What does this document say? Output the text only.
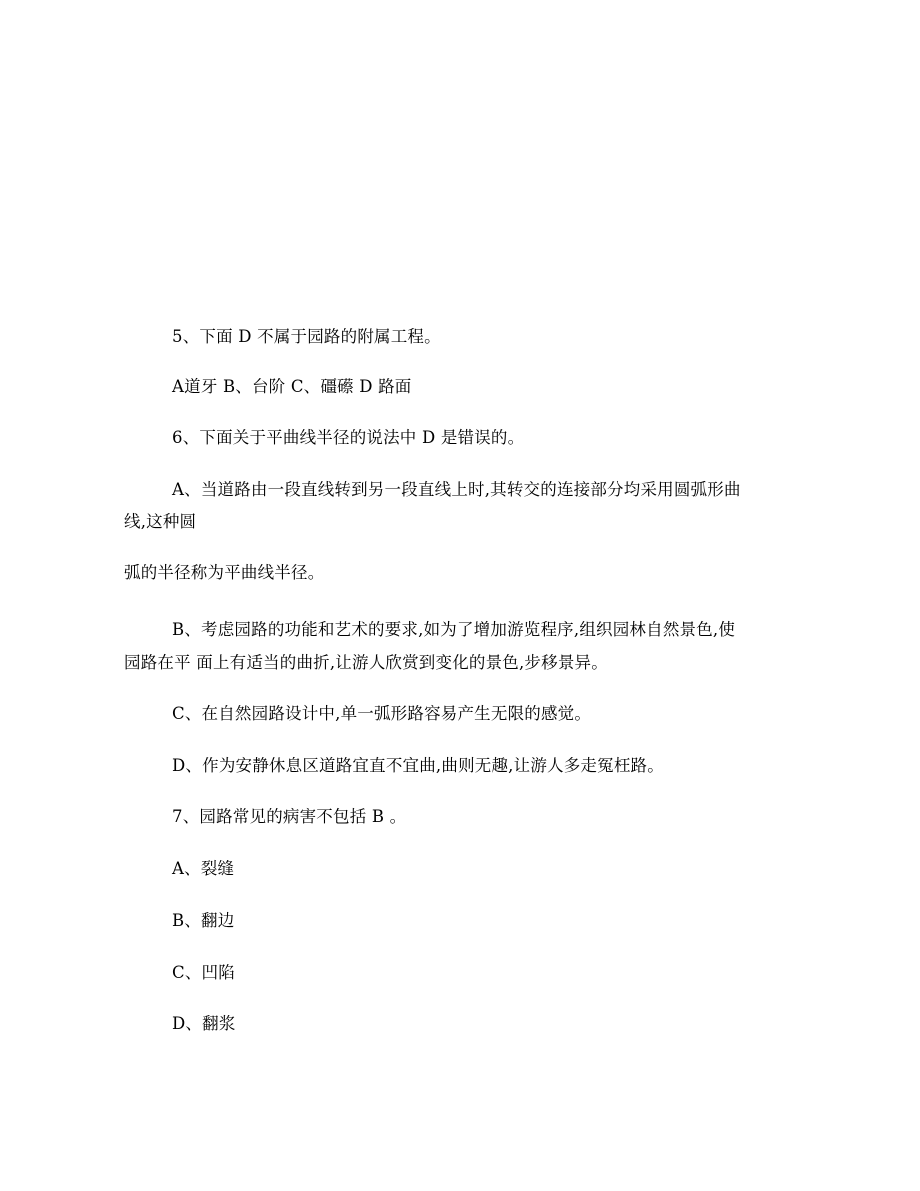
5、下面 D 不属于园路的附属工程。
A道牙 B、台阶 C、礓礤 D 路面
6、下面关于平曲线半径的说法中 D 是错误的。
A、当道路由一段直线转到另一段直线上时,其转交的连接部分均采用圆弧形曲
线,这种圆
弧的半径称为平曲线半径。
B、考虑园路的功能和艺术的要求,如为了增加游览程序,组织园林自然景色,使
园路在平 面上有适当的曲折,让游人欣赏到变化的景色,步移景异。
C、在自然园路设计中,单一弧形路容易产生无限的感觉。
D、作为安静休息区道路宜直不宜曲,曲则无趣,让游人多走冤枉路。
7、园路常见的病害不包括 B 。
A、裂缝
B、翻边
C、凹陷
D、翻浆
